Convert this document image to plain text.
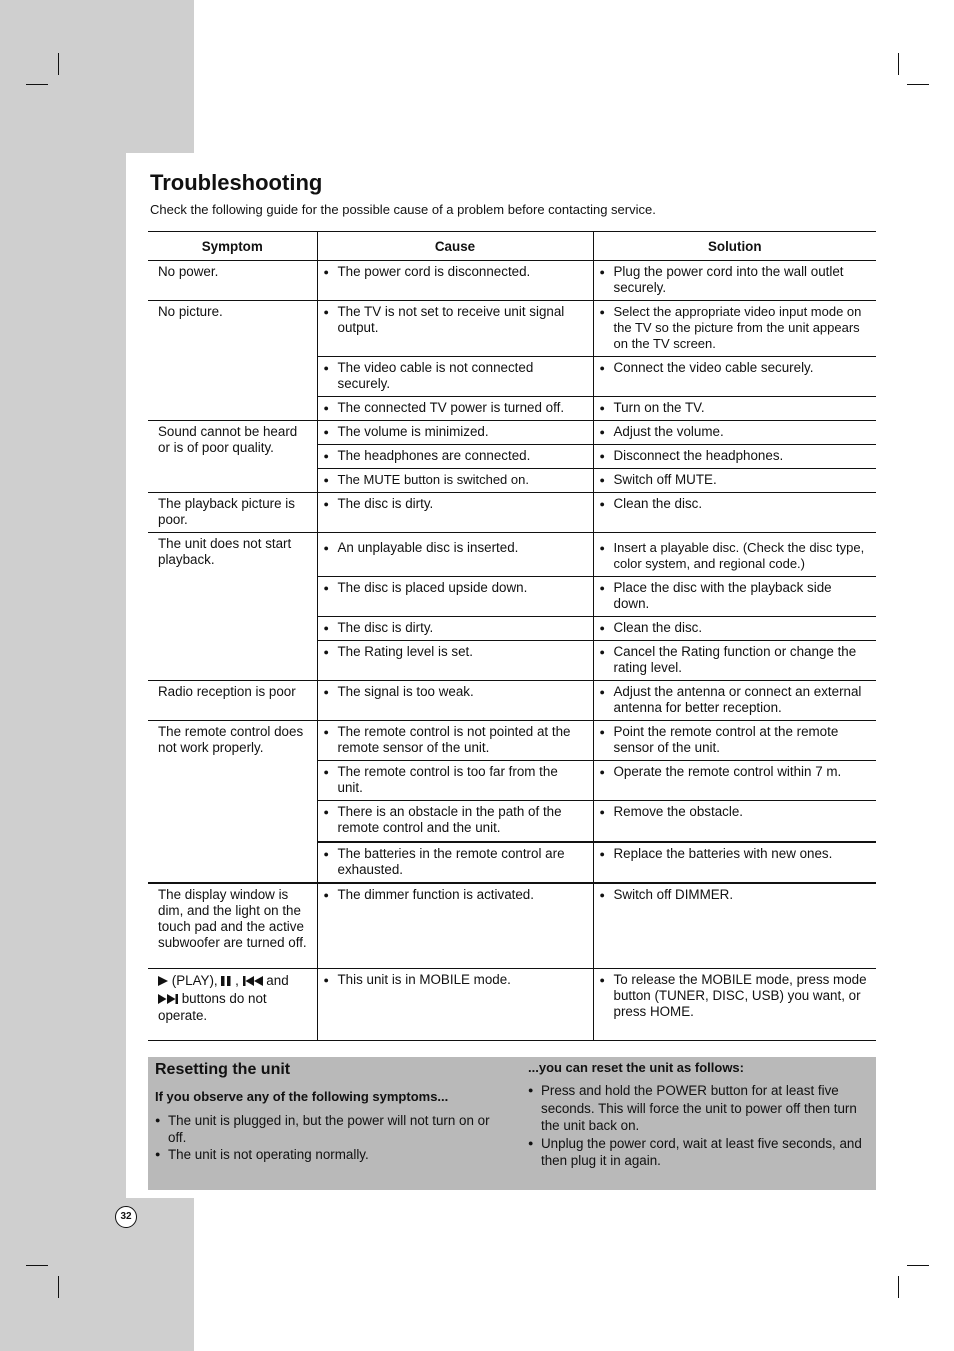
Troubleshooting
Check the following guide for the possible cause of a problem before contacting service.
Symptom	Cause	Solution
No power.	● The power cord is disconnected.	● Plug the power cord into the wall outlet securely.

No picture.	● The TV is not set to receive unit signal output.	● Select the appropriate video input mode on the TV so the picture from the unit appears on the TV screen.

	● The video cable is not connected securely.	● Connect the video cable securely.

	● The connected TV power is turned off.	● Turn on the TV.

Sound cannot be heard or is of poor quality.	● The volume is minimized.	● Adjust the volume.

	● The headphones are connected.	● Disconnect the headphones.

	● The MUTE button is switched on.	● Switch off MUTE.

The playback picture is poor.	● The disc is dirty.	● Clean the disc.

The unit does not start playback.	● An unplayable disc is inserted.	● Insert a playable disc. (Check the disc type, color system, and regional code.)

	● The disc is placed upside down.	● Place the disc with the playback side down.

	● The disc is dirty.	● Clean the disc.

	● The Rating level is set.	● Cancel the Rating function or change the rating level.

Radio reception is poor	● The signal is too weak.	● Adjust the antenna or connect an external antenna for better reception.

The remote control does not work properly.	● The remote control is not pointed at the remote sensor of the unit.	● Point the remote control at the remote sensor of the unit.

	● The remote control is too far from the unit.	● Operate the remote control within 7 m.

	● There is an obstacle in the path of the remote control and the unit.	● Remove the obstacle.

	● The batteries in the remote control are exhausted.	● Replace the batteries with new ones.

The display window is dim, and the light on the touch pad and the active subwoofer are turned off.	● The dimmer function is activated.	● Switch off DIMMER.

(PLAY), , and
buttons do not operate.	● This unit is in MOBILE mode.	● To release the MOBILE mode, press mode button (TUNER, DISC, USB) you want, or press HOME.
Resetting the unit
If you observe any of the following symptoms...
● The unit is plugged in, but the power will not turn on or off.
● The unit is not operating normally.
...you can reset the unit as follows:
● Press and hold the POWER button for at least five seconds. This will force the unit to power off then turn the unit back on.
● Unplug the power cord, wait at least five seconds, and then plug it in again.
32
